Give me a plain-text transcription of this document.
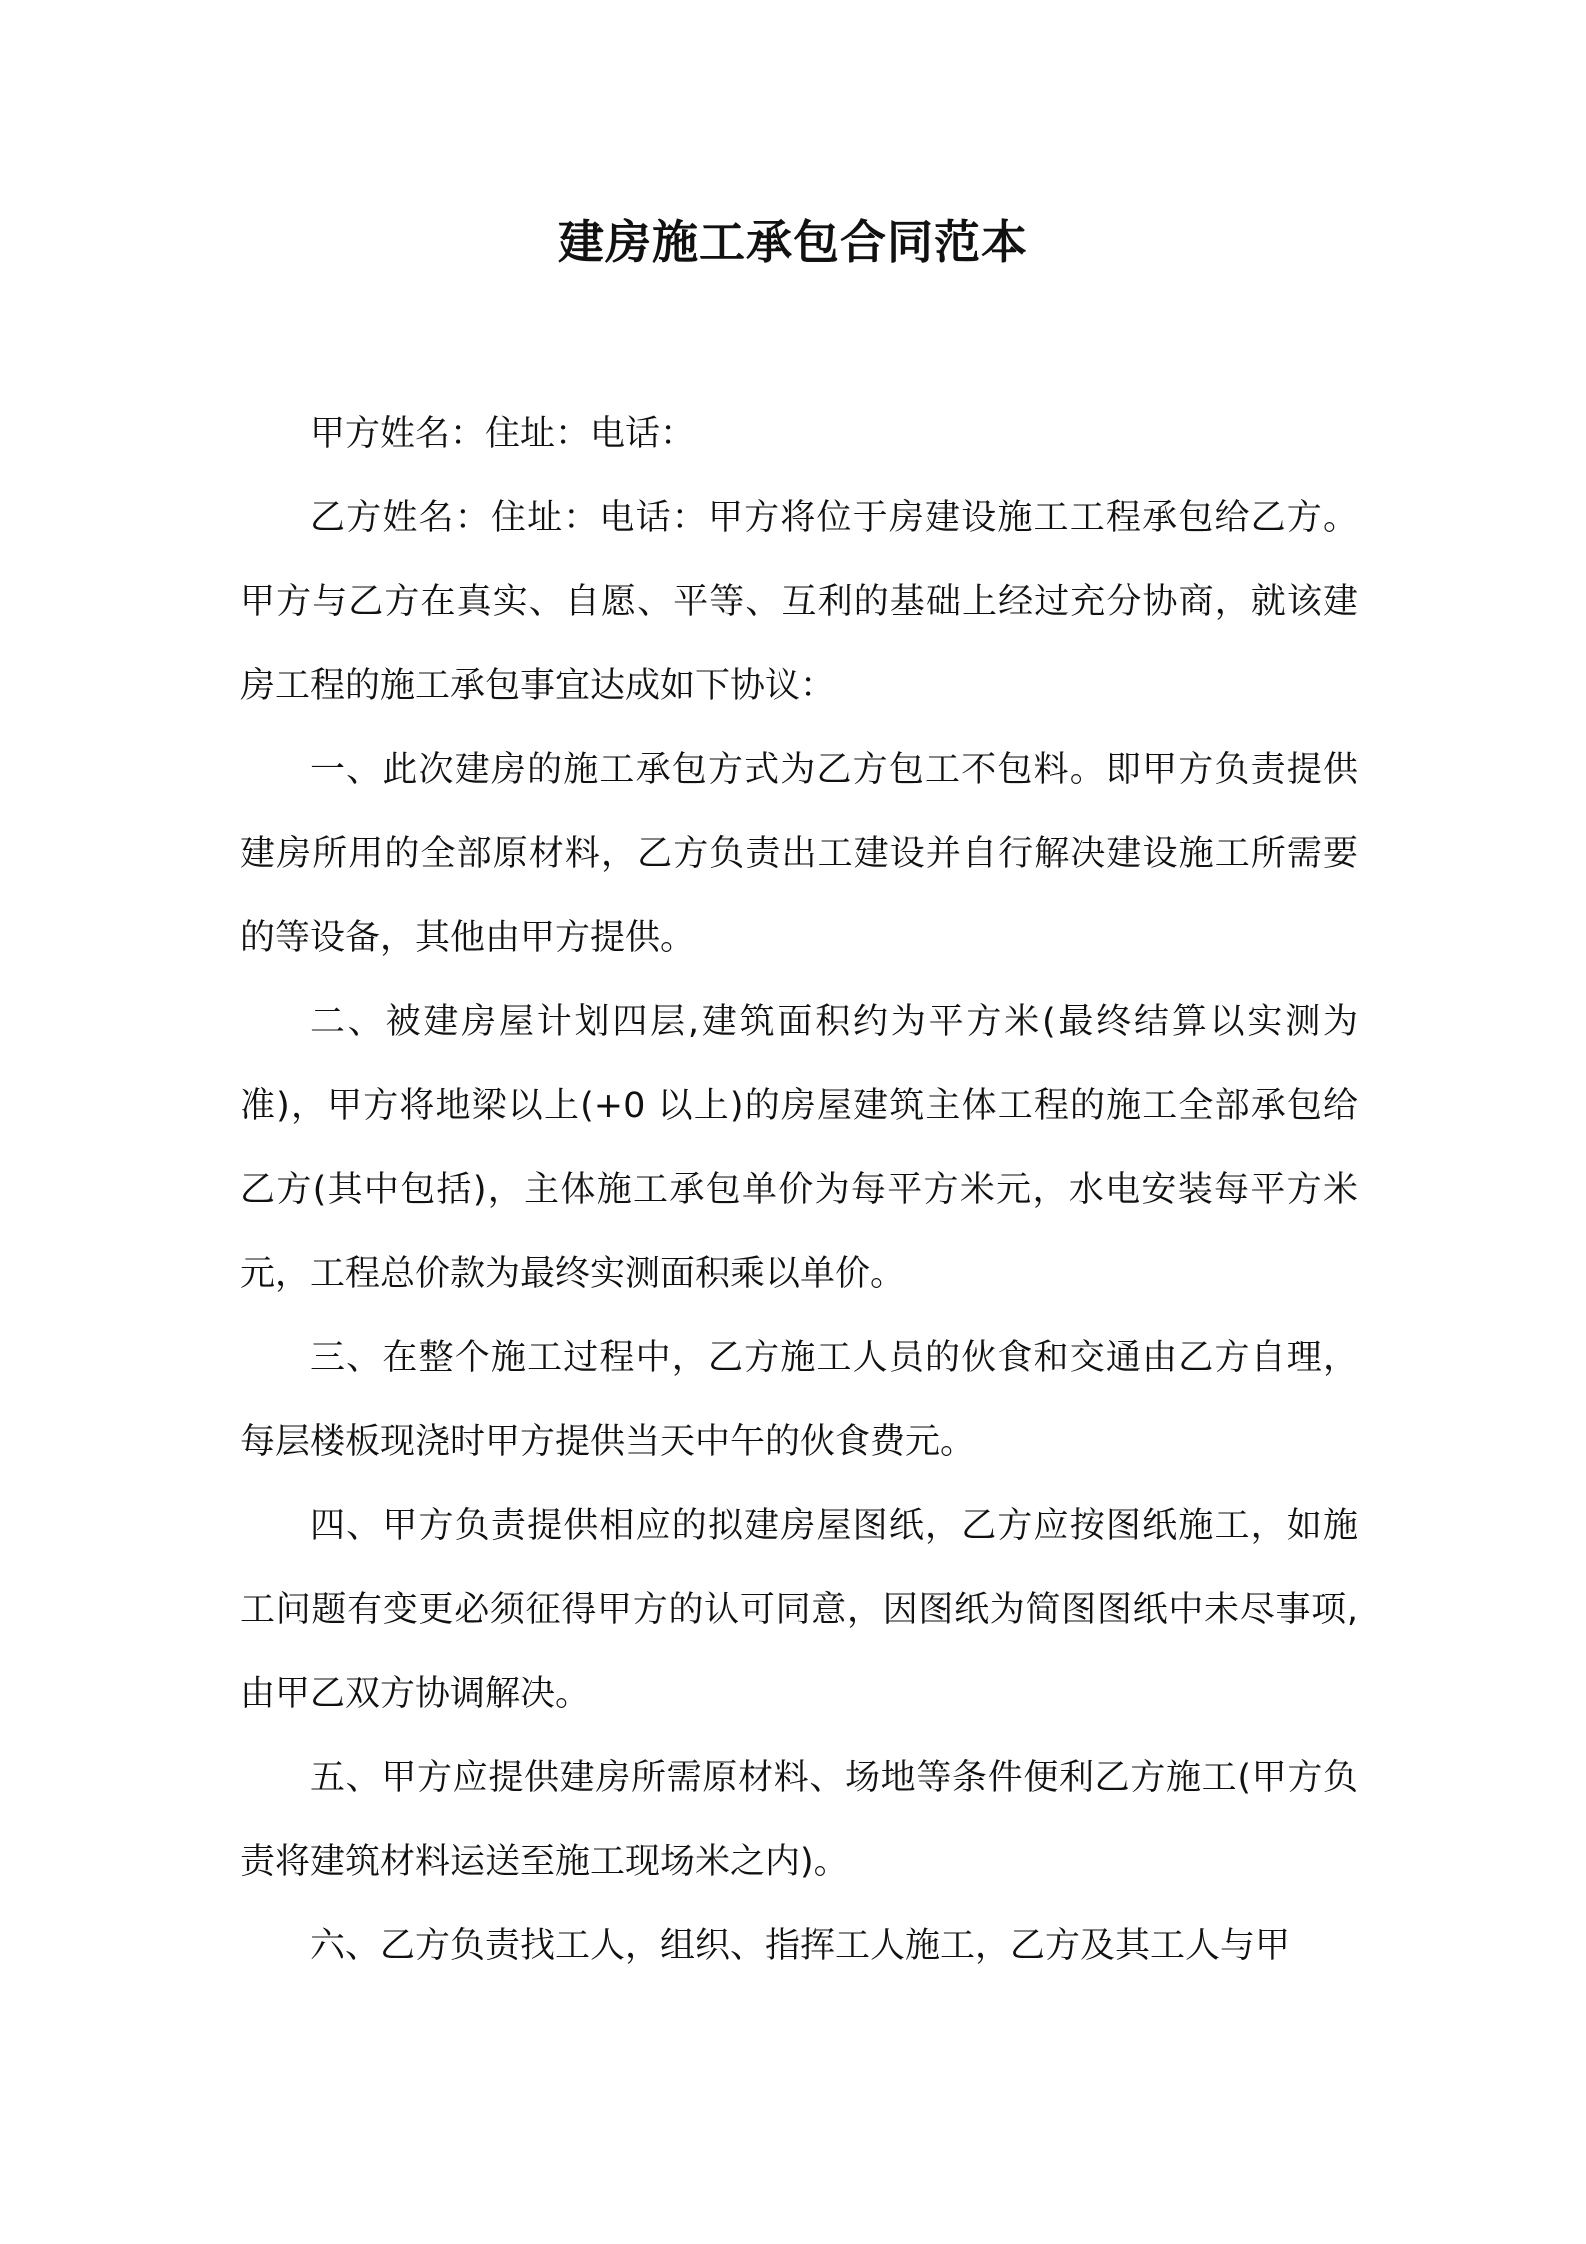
建房施工承包合同范本

甲方姓名：住址：电话：

乙方姓名：住址：电话：甲方将位于房建设施工工程承包给乙方。甲方与乙方在真实、自愿、平等、互利的基础上经过充分协商，就该建房工程的施工承包事宜达成如下协议：

一、此次建房的施工承包方式为乙方包工不包料。即甲方负责提供建房所用的全部原材料，乙方负责出工建设并自行解决建设施工所需要的等设备，其他由甲方提供。

二、被建房屋计划四层,建筑面积约为平方米(最终结算以实测为准)，甲方将地梁以上(+0 以上)的房屋建筑主体工程的施工全部承包给乙方(其中包括)，主体施工承包单价为每平方米元，水电安装每平方米元，工程总价款为最终实测面积乘以单价。

三、在整个施工过程中，乙方施工人员的伙食和交通由乙方自理，每层楼板现浇时甲方提供当天中午的伙食费元。

四、甲方负责提供相应的拟建房屋图纸，乙方应按图纸施工，如施工问题有变更必须征得甲方的认可同意，因图纸为简图图纸中未尽事项,由甲乙双方协调解决。

五、甲方应提供建房所需原材料、场地等条件便利乙方施工(甲方负责将建筑材料运送至施工现场米之内)。

六、乙方负责找工人，组织、指挥工人施工，乙方及其工人与甲
